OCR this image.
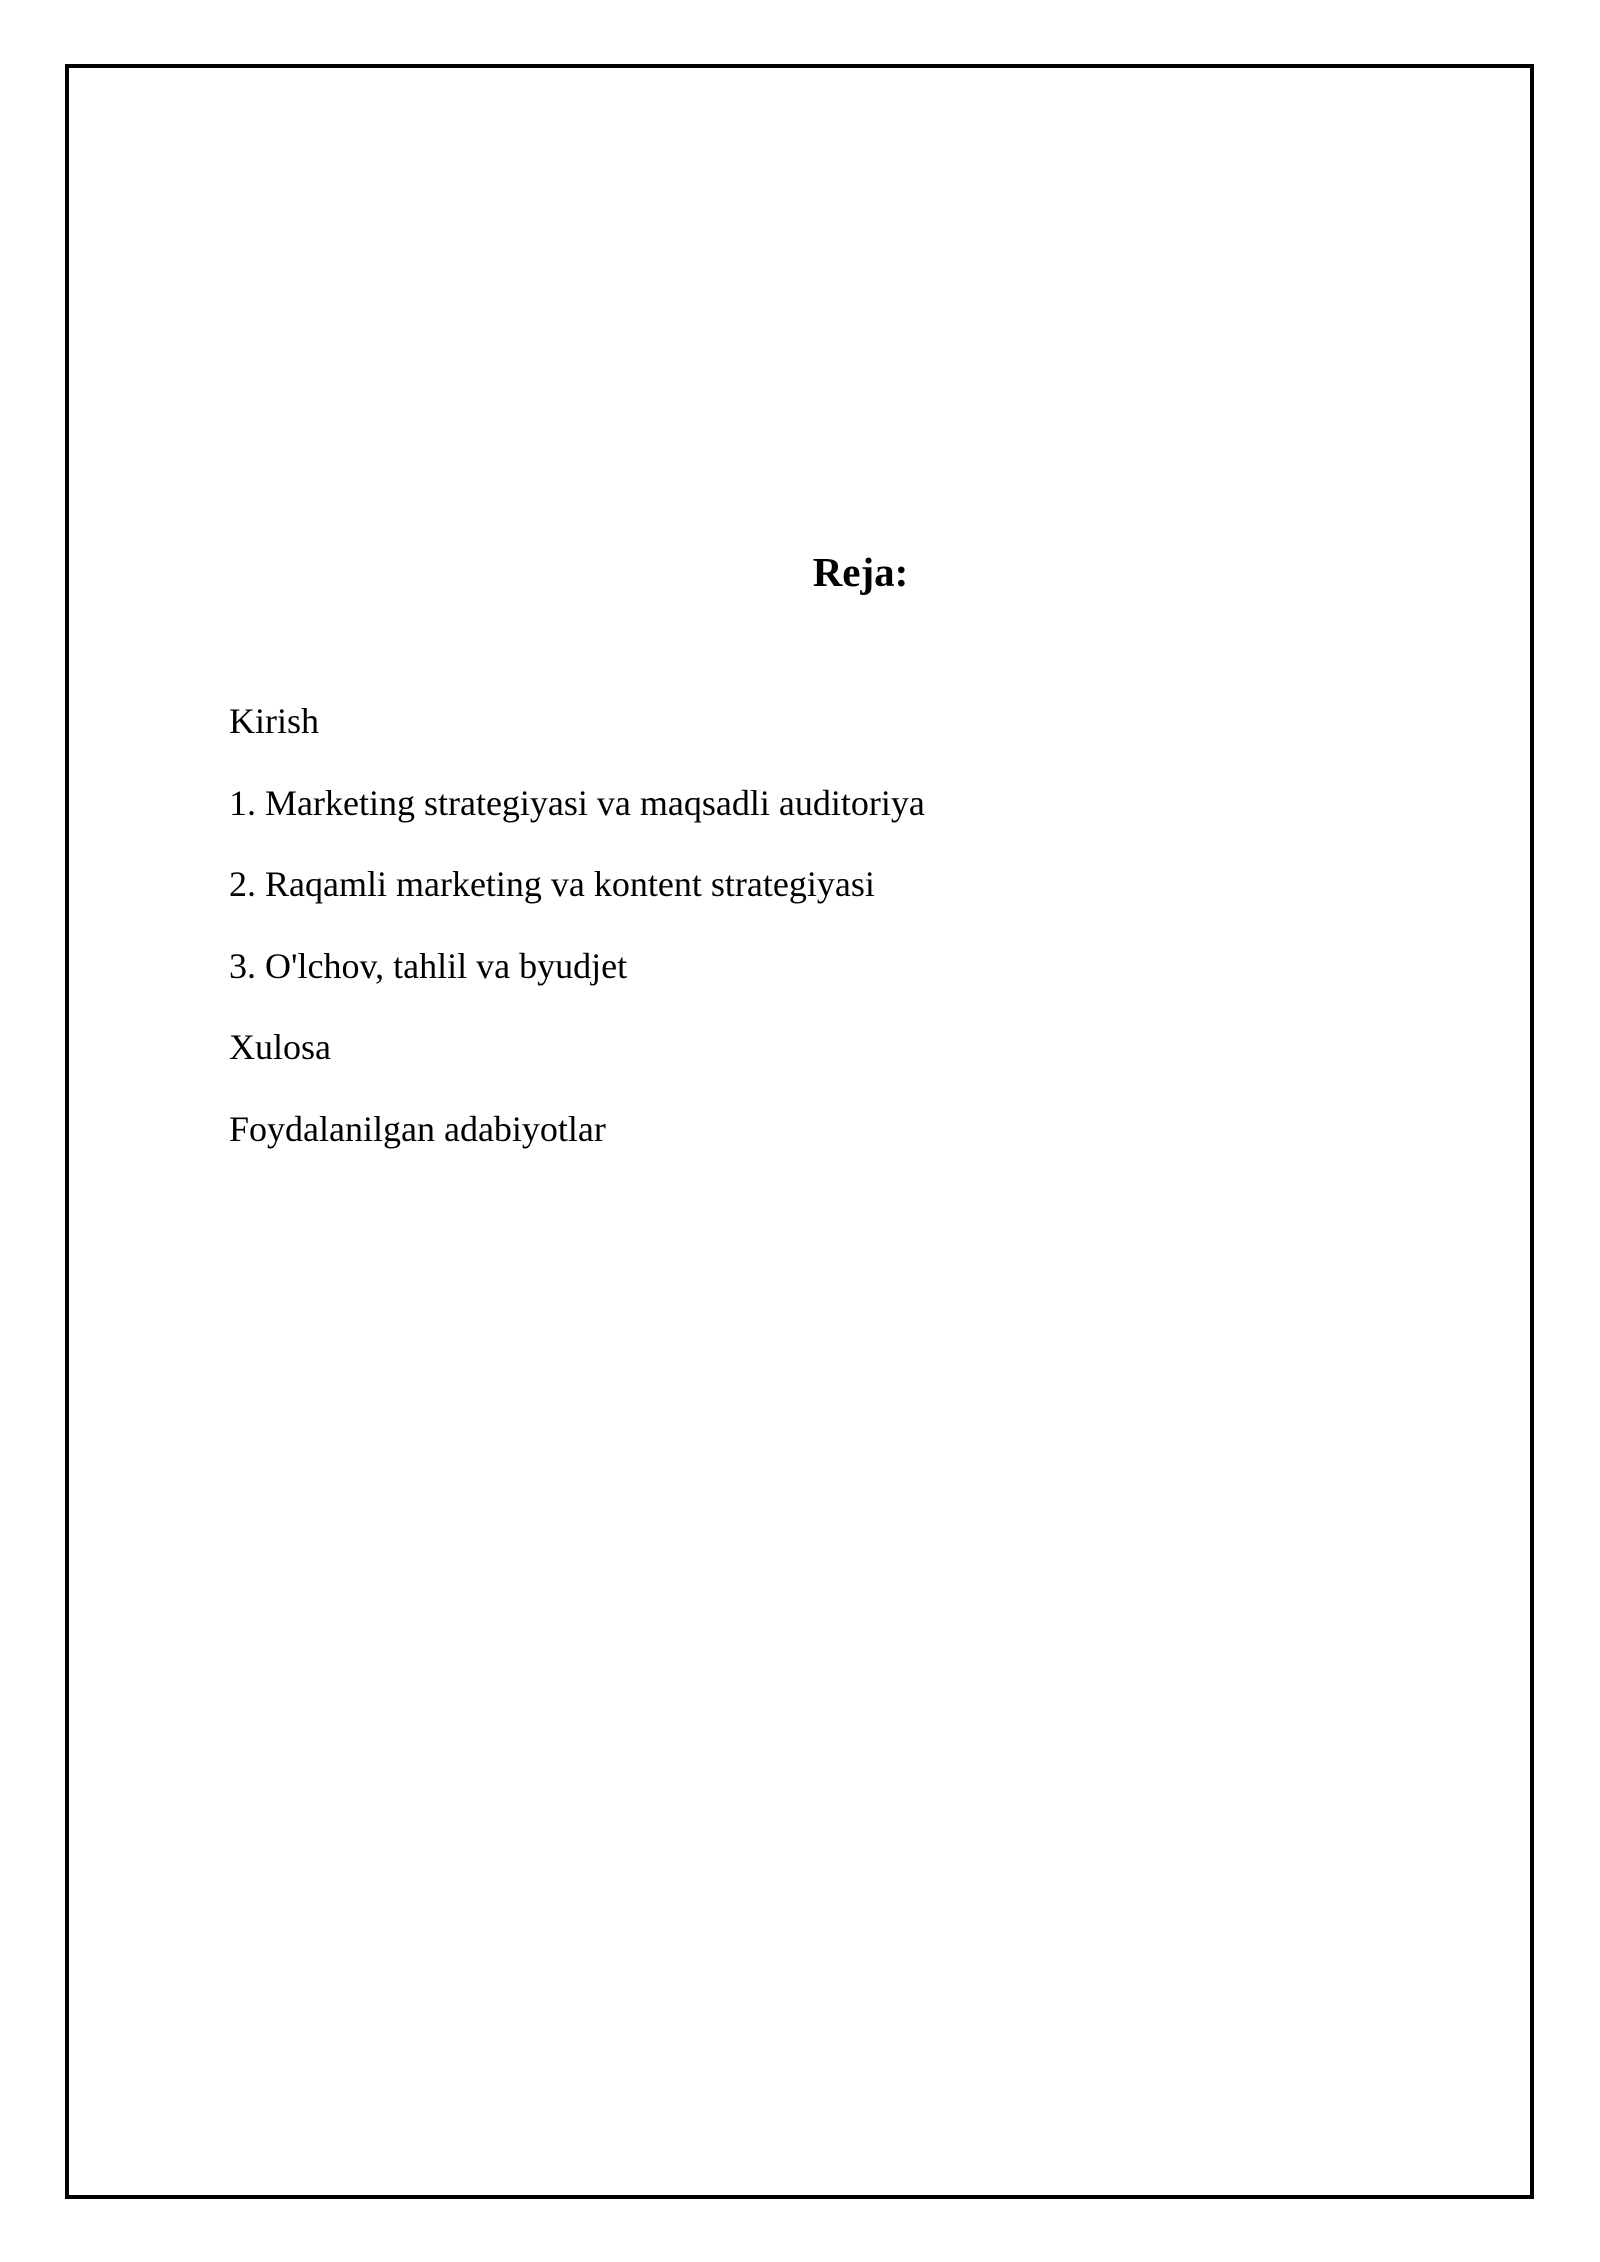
Reja:
Kirish
1. Marketing strategiyasi va maqsadli auditoriya
2. Raqamli marketing va kontent strategiyasi
3. O'lchov, tahlil va byudjet
Xulosa
Foydalanilgan adabiyotlar
